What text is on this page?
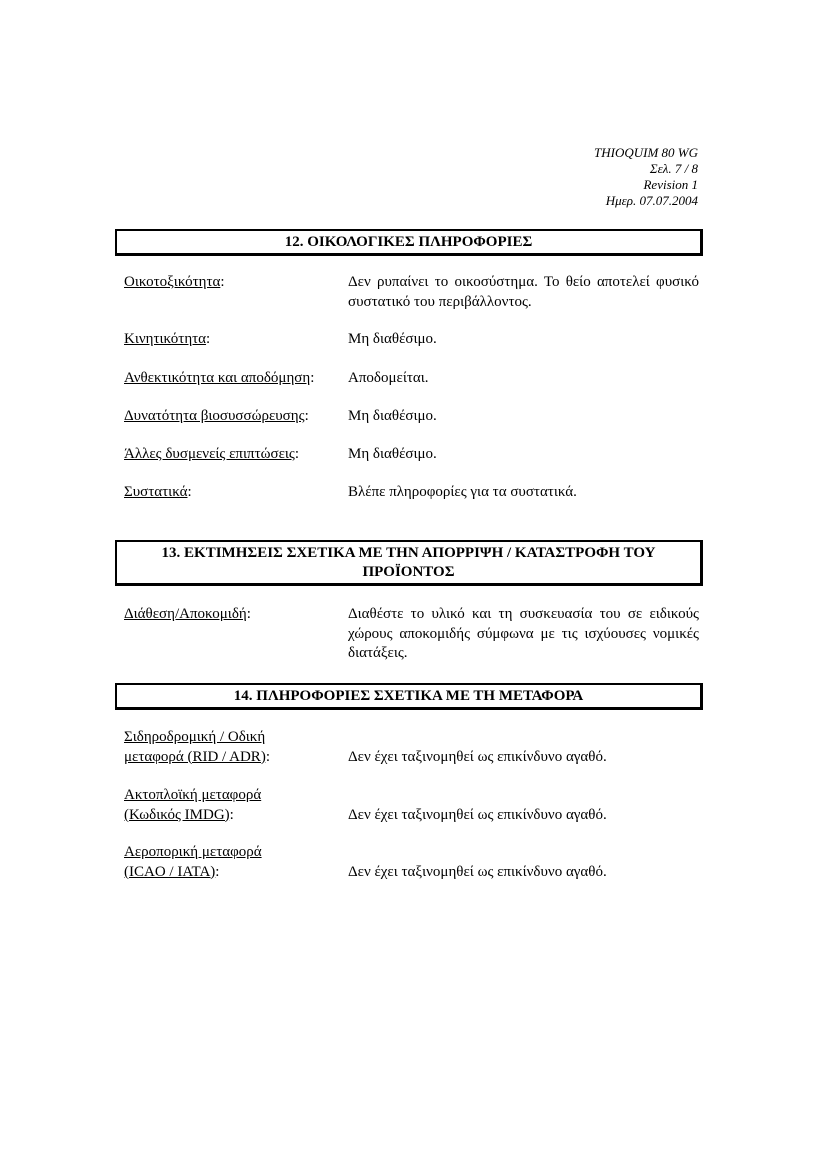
THIOQUIM 80 WG
Σελ. 7 / 8
Revision 1
Ημερ. 07.07.2004
12. ΟΙΚΟΛΟΓΙΚΕΣ ΠΛΗΡΟΦΟΡΙΕΣ
Οικοτοξικότητα:	Δεν ρυπαίνει το οικοσύστημα. Το θείο αποτελεί φυσικό συστατικό του περιβάλλοντος.
Κινητικότητα:	Μη διαθέσιμο.
Ανθεκτικότητα και αποδόμηση:	Αποδομείται.
Δυνατότητα βιοσυσσώρευσης:	Μη διαθέσιμο.
Άλλες δυσμενείς επιπτώσεις:	Μη διαθέσιμο.
Συστατικά:	Βλέπε πληροφορίες για τα συστατικά.
13. ΕΚΤΙΜΗΣΕΙΣ ΣΧΕΤΙΚΑ ΜΕ ΤΗΝ ΑΠΟΡΡΙΨΗ / ΚΑΤΑΣΤΡΟΦΗ ΤΟΥ
ΠΡΟΪΟΝΤΟΣ
Διάθεση/Αποκομιδή:	Διαθέστε το υλικό και τη συσκευασία του σε ειδικούς χώρους αποκομιδής σύμφωνα με τις ισχύουσες νομικές διατάξεις.
14. ΠΛΗΡΟΦΟΡΙΕΣ ΣΧΕΤΙΚΑ ΜΕ ΤΗ ΜΕΤΑΦΟΡΑ
Σιδηροδρομική / Οδική
μεταφορά (RID / ADR):	Δεν έχει ταξινομηθεί ως επικίνδυνο αγαθό.
Ακτοπλοϊκή μεταφορά
(Κωδικός IMDG):	Δεν έχει ταξινομηθεί ως επικίνδυνο αγαθό.
Αεροπορική μεταφορά
(ICAO / IATA):	Δεν έχει ταξινομηθεί ως επικίνδυνο αγαθό.
